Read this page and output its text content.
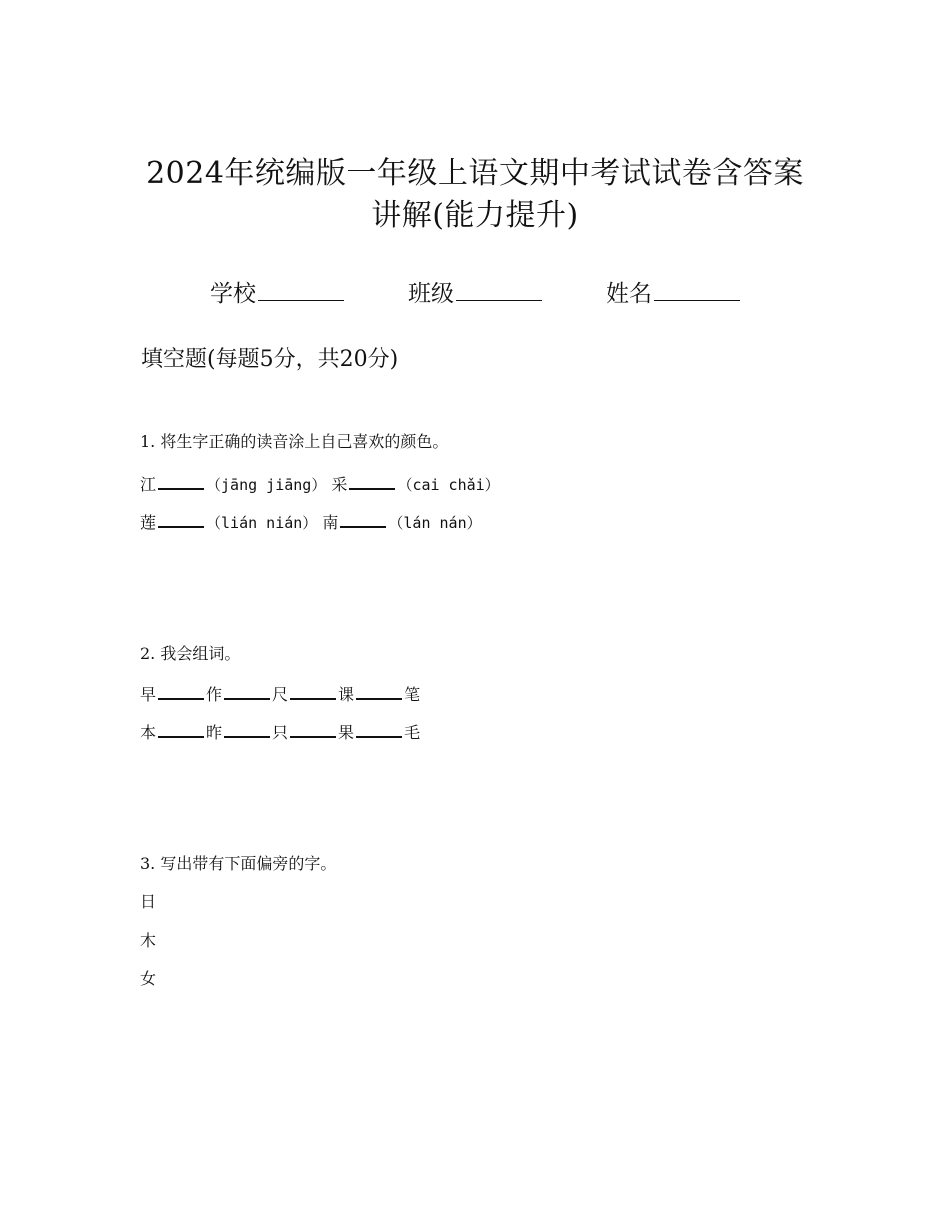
2024年统编版一年级上语文期中考试试卷含答案
讲解(能力提升)
学校	班级	姓名
填空题(每题5分，共20分)
1. 将生字正确的读音涂上自己喜欢的颜色。
江	（jāng jiāng） 采	（cai chǎi）
莲	（lián nián） 南	（lán nán）
2. 我会组词。
早	作	尺	课	笔
本	昨	只	果	毛
3. 写出带有下面偏旁的字。
日
木
女
